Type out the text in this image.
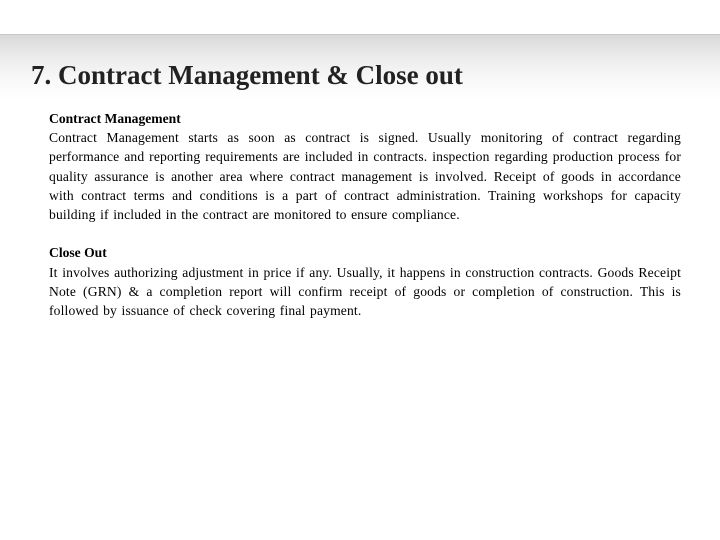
7. Contract Management & Close out

Contract Management

Contract Management starts as soon as contract is signed. Usually monitoring of contract regarding performance and reporting requirements are included in contracts. inspection regarding production process for quality assurance is another area where contract management is involved. Receipt of goods in accordance with contract terms and conditions is a part of contract administration. Training workshops for capacity building if included in the contract are monitored to ensure compliance.

Close Out

It involves authorizing adjustment in price if any. Usually, it happens in construction contracts. Goods Receipt Note (GRN) & a completion report will confirm receipt of goods or completion of construction. This is followed by issuance of check covering final payment.
